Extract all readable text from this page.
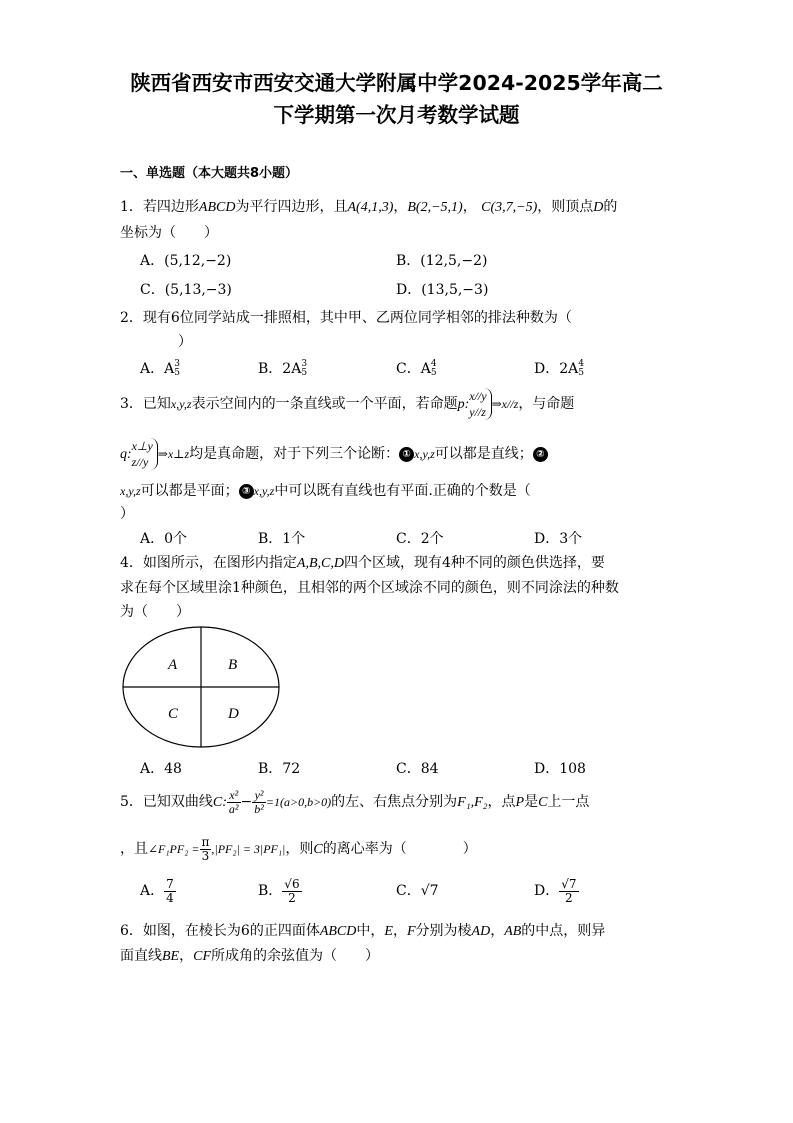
陕西省西安市西安交通大学附属中学2024-2025学年高二
下学期第一次月考数学试题
一、单选题（本大题共8小题）
1．若四边形ABCD为平行四边形，且A(4,1,3)，B(2,−5,1)， C(3,7,−5)，则顶点D的
坐标为（　　）
A．(5,12,−2)	B．(12,5,−2)
C．(5,13,−3)	D．(13,5,−3)
2．现有6位同学站成一排照相，其中甲、乙两位同学相邻的排法种数为（
）
A．A 3
5	B．2A 3
5	C．A 4
5	D．2A 4
5
3．已知x,y,z表示空间内的一条直线或一个平面，若命题p:
x//y
y//z
⇒x//z，与命题
q:
x⊥y
z//y
⇒x⊥z均是真命题，对于下列三个论断： ① x,y,z可以都是直线； ②
x,y,z可以都是平面； ③ x,y,z中可以既有直线也有平面.正确的个数是（
）
A．0个	B．1个	C．2个	D．3个
4．如图所示，在图形内指定A,B,C,D四个区域，现有4种不同的颜色供选择，要
求在每个区域里涂1种颜色，且相邻的两个区域涂不同的颜色，则不同涂法的种数
为（　　）
A	B
C	D
A．48	B．72	C．84	D．108
5．已知双曲线C: $\frac{\text{x²}}{\text{a²}} - \frac{\text{y²}}{\text{b²}} =1(a>0,b>0)$的左、右焦点分别为F₁,F₂，点P是C上一点
，且∠F₁PF₂ = $\frac{\pi}{3} ,|PF_2| = 3|PF_1|$，则C的离心率为（　　　　）
A． $\frac{7}{4}$	B． $\frac{√6}{2}$	C．√7	D． $\frac{√7}{2}$
6．如图，在棱长为6的正四面体ABCD中，E，F分别为棱AD，AB的中点，则异
面直线BE，CF所成角的余弦值为（　　）
